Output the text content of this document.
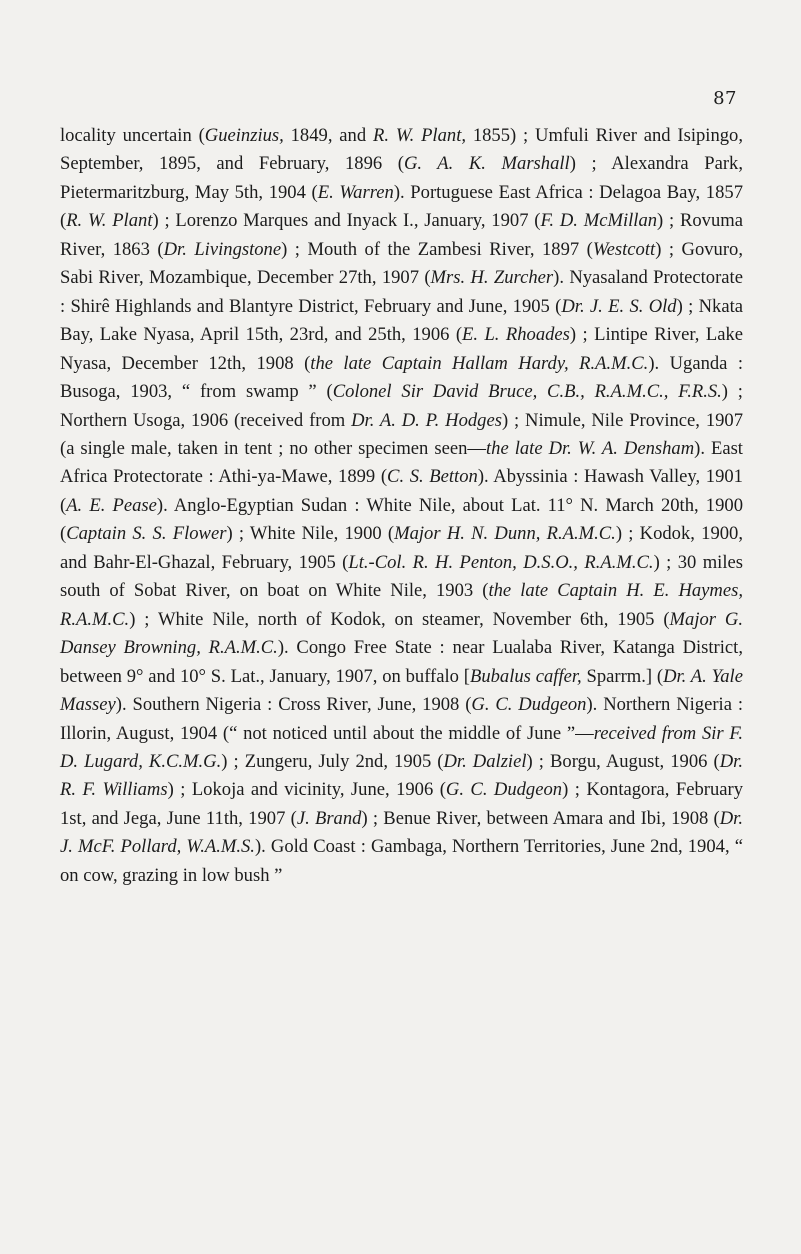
87

locality uncertain (Gueinzius, 1849, and R. W. Plant, 1855) ; Umfuli River and Isipingo, September, 1895, and February, 1896 (G. A. K. Marshall) ; Alexandra Park, Pietermaritzburg, May 5th, 1904 (E. Warren). Portuguese East Africa : Delagoa Bay, 1857 (R. W. Plant) ; Lorenzo Marques and Inyack I., January, 1907 (F. D. McMillan) ; Rovuma River, 1863 (Dr. Livingstone) ; Mouth of the Zambesi River, 1897 (Westcott) ; Govuro, Sabi River, Mozambique, December 27th, 1907 (Mrs. H. Zurcher). Nyasaland Protectorate : Shirê Highlands and Blantyre District, February and June, 1905 (Dr. J. E. S. Old) ; Nkata Bay, Lake Nyasa, April 15th, 23rd, and 25th, 1906 (E. L. Rhoades) ; Lintipe River, Lake Nyasa, December 12th, 1908 (the late Captain Hallam Hardy, R.A.M.C.). Uganda : Busoga, 1903, “ from swamp ” (Colonel Sir David Bruce, C.B., R.A.M.C., F.R.S.) ; Northern Usoga, 1906 (received from Dr. A. D. P. Hodges) ; Nimule, Nile Province, 1907 (a single male, taken in tent ; no other specimen seen—the late Dr. W. A. Densham). East Africa Protectorate : Athi-ya-Mawe, 1899 (C. S. Betton). Abyssinia : Hawash Valley, 1901 (A. E. Pease). Anglo-Egyptian Sudan : White Nile, about Lat. 11° N. March 20th, 1900 (Captain S. S. Flower) ; White Nile, 1900 (Major H. N. Dunn, R.A.M.C.) ; Kodok, 1900, and Bahr-El-Ghazal, February, 1905 (Lt.-Col. R. H. Penton, D.S.O., R.A.M.C.) ; 30 miles south of Sobat River, on boat on White Nile, 1903 (the late Captain H. E. Haymes, R.A.M.C.) ; White Nile, north of Kodok, on steamer, November 6th, 1905 (Major G. Dansey Browning, R.A.M.C.). Congo Free State : near Lualaba River, Katanga District, between 9° and 10° S. Lat., January, 1907, on buffalo [Bubalus caffer, Sparrm.] (Dr. A. Yale Massey). Southern Nigeria : Cross River, June, 1908 (G. C. Dudgeon). Northern Nigeria : Illorin, August, 1904 (“ not noticed until about the middle of June ”—received from Sir F. D. Lugard, K.C.M.G.) ; Zungeru, July 2nd, 1905 (Dr. Dalziel) ; Borgu, August, 1906 (Dr. R. F. Williams) ; Lokoja and vicinity, June, 1906 (G. C. Dudgeon) ; Kontagora, February 1st, and Jega, June 11th, 1907 (J. Brand) ; Benue River, between Amara and Ibi, 1908 (Dr. J. McF. Pollard, W.A.M.S.). Gold Coast : Gambaga, Northern Territories, June 2nd, 1904, “ on cow, grazing in low bush ”
